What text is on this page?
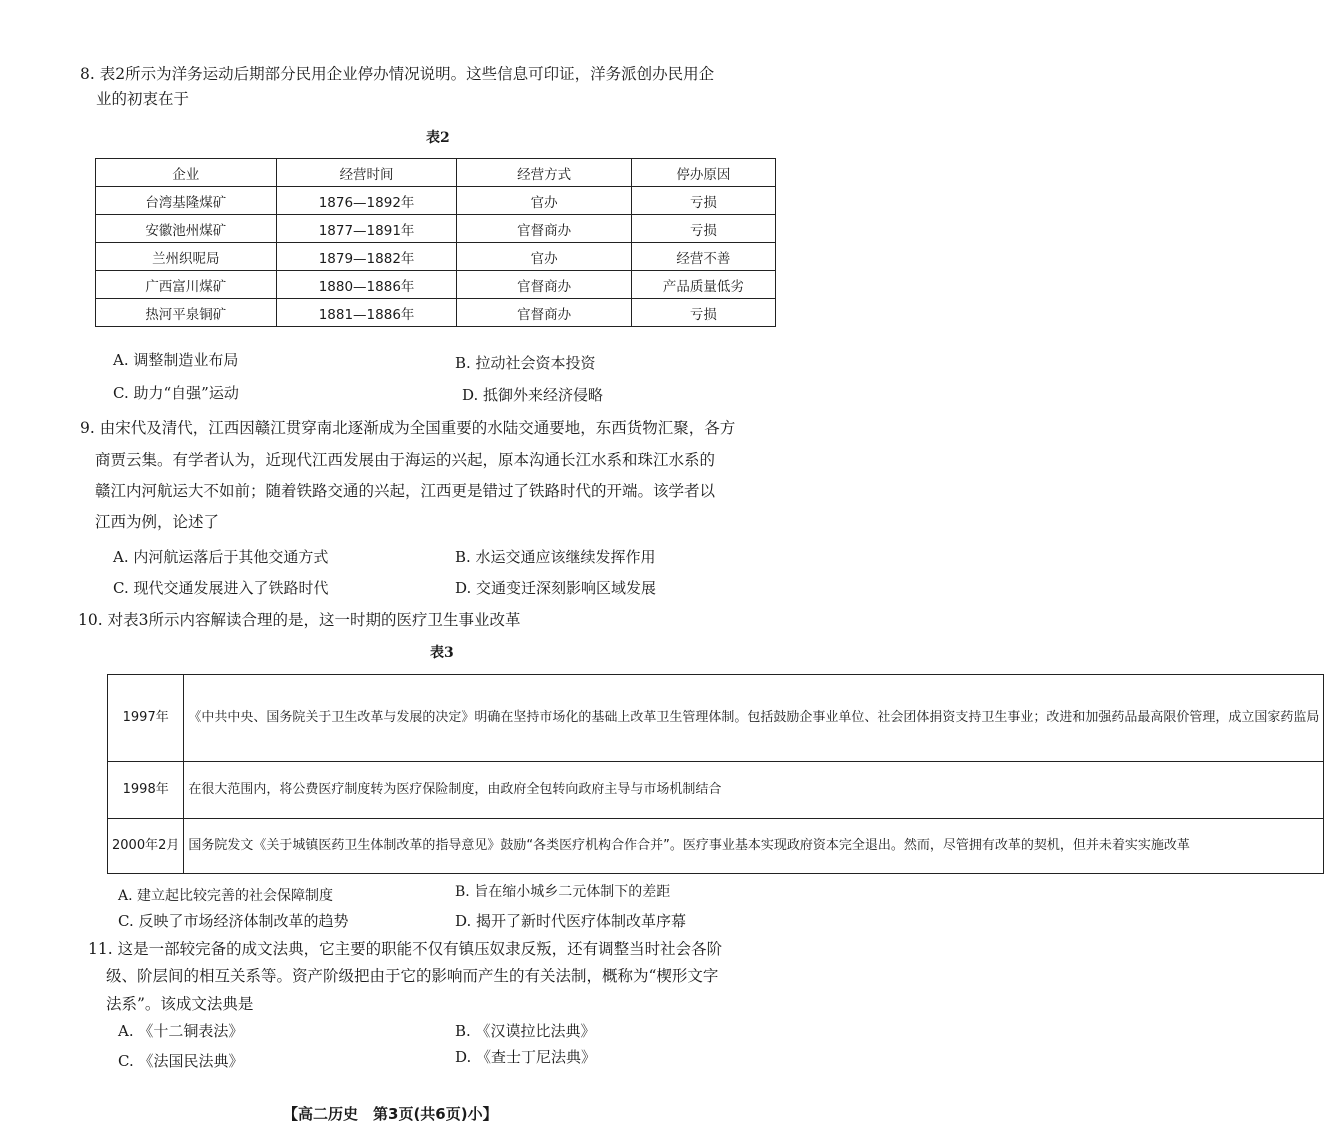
8. 表2所示为洋务运动后期部分民用企业停办情况说明。这些信息可印证，洋务派创办民用企
业的初衷在于
表2
企业	经营时间	经营方式	停办原因
台湾基隆煤矿	1876—1892年	官办	亏损
安徽池州煤矿	1877—1891年	官督商办	亏损
兰州织呢局	1879—1882年	官办	经营不善
广西富川煤矿	1880—1886年	官督商办	产品质量低劣
热河平泉铜矿	1881—1886年	官督商办	亏损
A. 调整制造业布局	B. 拉动社会资本投资
C. 助力“自强”运动	D. 抵御外来经济侵略
9. 由宋代及清代，江西因赣江贯穿南北逐渐成为全国重要的水陆交通要地，东西货物汇聚，各方
商贾云集。有学者认为，近现代江西发展由于海运的兴起，原本沟通长江水系和珠江水系的
赣江内河航运大不如前；随着铁路交通的兴起，江西更是错过了铁路时代的开端。该学者以
江西为例，论述了
A. 内河航运落后于其他交通方式	B. 水运交通应该继续发挥作用
C. 现代交通发展进入了铁路时代	D. 交通变迁深刻影响区域发展
10. 对表3所示内容解读合理的是，这一时期的医疗卫生事业改革
表3
1997年	《中共中央、国务院关于卫生改革与发展的决定》明确在坚持市场化的基础上改革卫生管理体制。包括鼓励企事业单位、社会团体捐资支持卫生事业；改进和加强药品最高限价管理，成立国家药监局
1998年	在很大范围内，将公费医疗制度转为医疗保险制度，由政府全包转向政府主导与市场机制结合
2000年2月	国务院发文《关于城镇医药卫生体制改革的指导意见》鼓励“各类医疗机构合作合并”。医疗事业基本实现政府资本完全退出。然而，尽管拥有改革的契机，但并未着实实施改革
A. 建立起比较完善的社会保障制度	B. 旨在缩小城乡二元体制下的差距
C. 反映了市场经济体制改革的趋势	D. 揭开了新时代医疗体制改革序幕
11. 这是一部较完备的成文法典，它主要的职能不仅有镇压奴隶反叛，还有调整当时社会各阶
级、阶层间的相互关系等。资产阶级把由于它的影响而产生的有关法制，概称为“楔形文字
法系”。该成文法典是
A. 《十二铜表法》	B. 《汉谟拉比法典》
C. 《法国民法典》	D. 《查士丁尼法典》
【高二历史　第3页(共6页)小】
